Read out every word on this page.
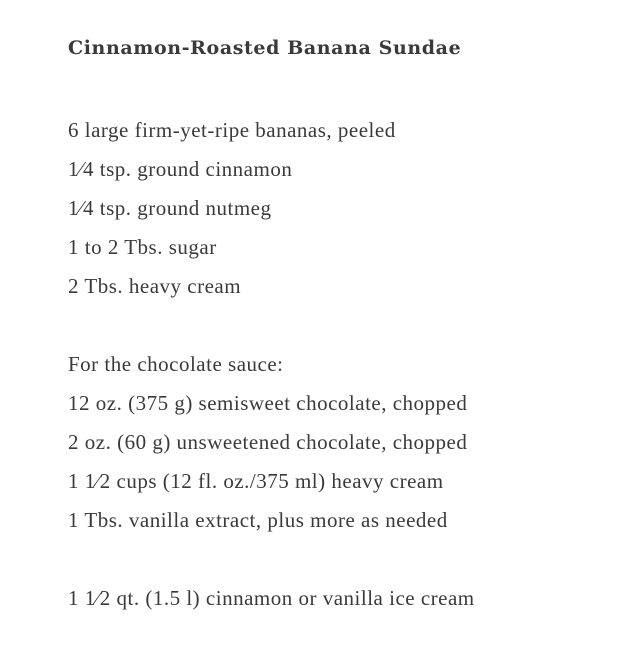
Cinnamon-Roasted Banana Sundae
6 large firm-yet-ripe bananas, peeled
1⁄4 tsp. ground cinnamon
1⁄4 tsp. ground nutmeg
1 to 2 Tbs. sugar
2 Tbs. heavy cream
For the chocolate sauce:
12 oz. (375 g) semisweet chocolate, chopped
2 oz. (60 g) unsweetened chocolate, chopped
1 1⁄2 cups (12 fl. oz./375 ml) heavy cream
1 Tbs. vanilla extract, plus more as needed
1 1⁄2 qt. (1.5 l) cinnamon or vanilla ice cream
